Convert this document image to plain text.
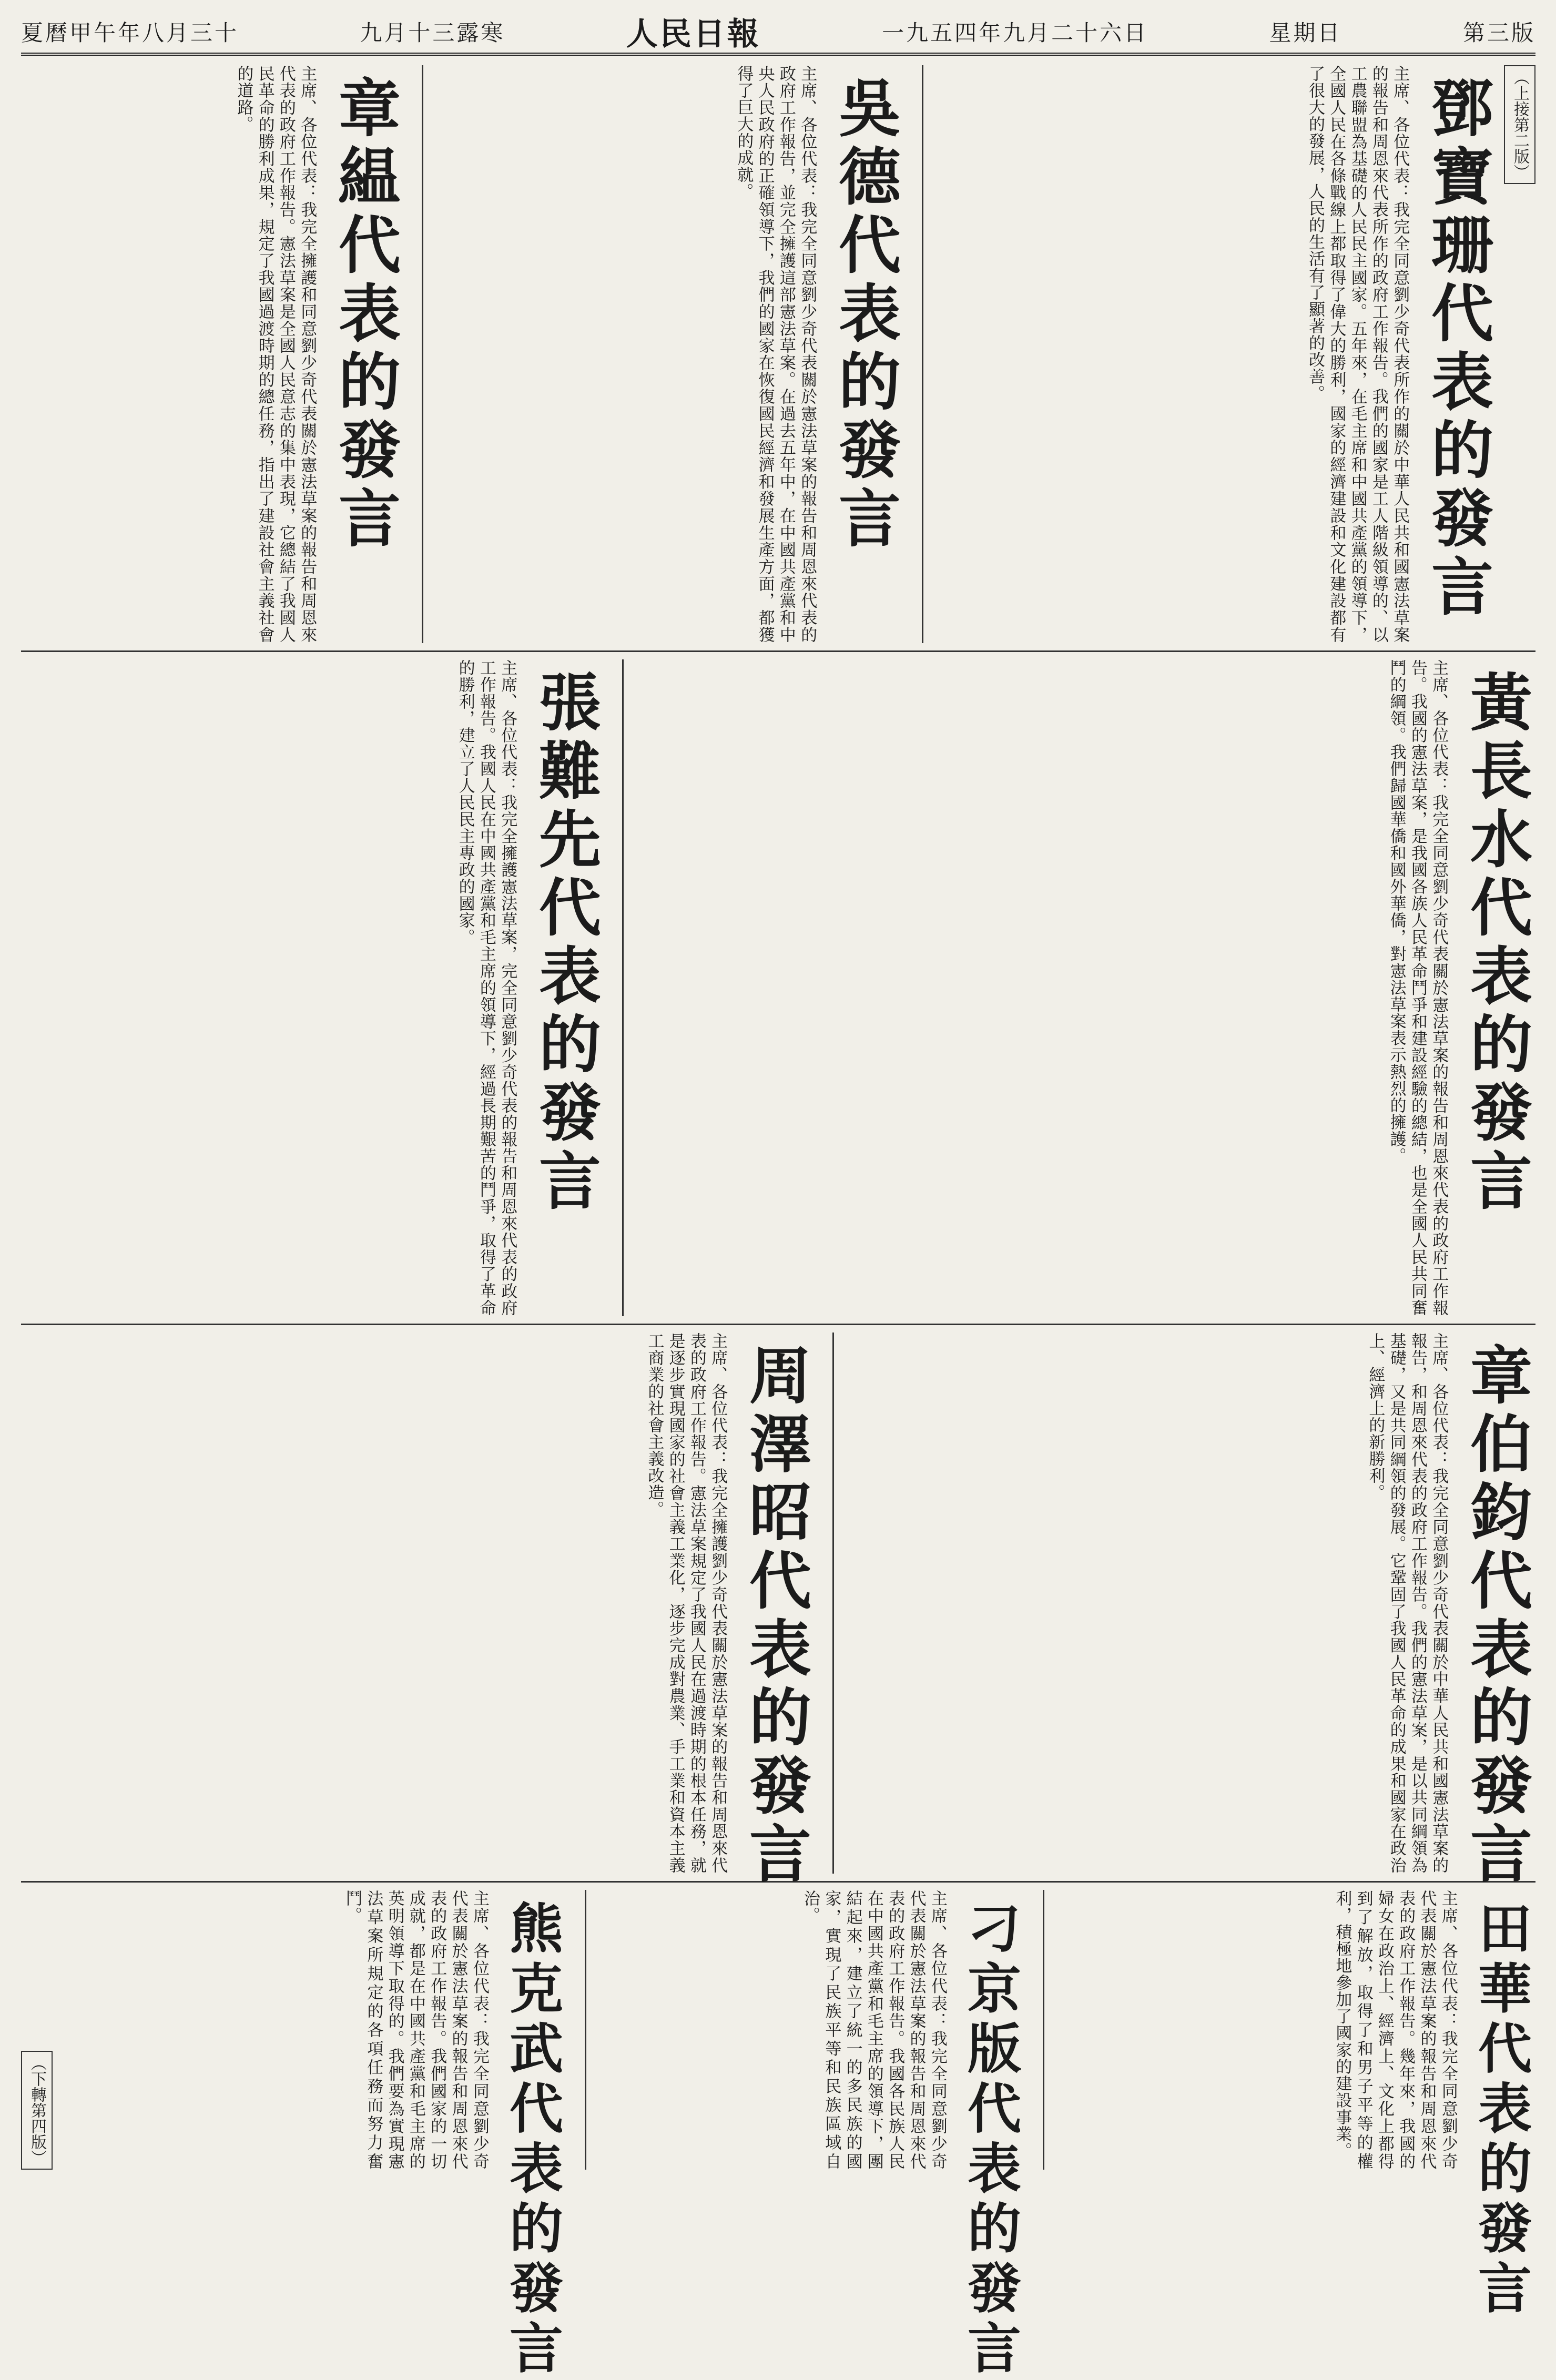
第三版
星期日
一九五四年九月二十六日
人民日報
九月十三露寒
夏曆甲午年八月三十
（上接第二版）
鄧寶珊代表的發言
主席、各位代表：我完全同意劉少奇代表所作的關於中華人民共和國憲法草案的報告和周恩來代表所作的政府工作報告。我們的國家是工人階級領導的、以工農聯盟為基礎的人民民主國家。五年來，在毛主席和中國共產黨的領導下，全國人民在各條戰線上都取得了偉大的勝利，國家的經濟建設和文化建設都有了很大的發展，人民的生活有了顯著的改善。
吳德代表的發言
主席、各位代表：我完全同意劉少奇代表關於憲法草案的報告和周恩來代表的政府工作報告，並完全擁護這部憲法草案。在過去五年中，在中國共產黨和中央人民政府的正確領導下，我們的國家在恢復國民經濟和發展生產方面，都獲得了巨大的成就。
章緼代表的發言
主席、各位代表：我完全擁護和同意劉少奇代表關於憲法草案的報告和周恩來代表的政府工作報告。憲法草案是全國人民意志的集中表現，它總結了我國人民革命的勝利成果，規定了我國過渡時期的總任務，指出了建設社會主義社會的道路。
黃長水代表的發言
主席、各位代表：我完全同意劉少奇代表關於憲法草案的報告和周恩來代表的政府工作報告。我國的憲法草案，是我國各族人民革命鬥爭和建設經驗的總結，也是全國人民共同奮鬥的綱領。我們歸國華僑和國外華僑，對憲法草案表示熱烈的擁護。
張難先代表的發言
主席、各位代表：我完全擁護憲法草案，完全同意劉少奇代表的報告和周恩來代表的政府工作報告。我國人民在中國共產黨和毛主席的領導下，經過長期艱苦的鬥爭，取得了革命的勝利，建立了人民民主專政的國家。
章伯鈞代表的發言
主席、各位代表：我完全同意劉少奇代表關於中華人民共和國憲法草案的報告，和周恩來代表的政府工作報告。我們的憲法草案，是以共同綱領為基礎，又是共同綱領的發展。它鞏固了我國人民革命的成果和國家在政治上、經濟上的新勝利。
周澤昭代表的發言
主席、各位代表：我完全擁護劉少奇代表關於憲法草案的報告和周恩來代表的政府工作報告。憲法草案規定了我國人民在過渡時期的根本任務，就是逐步實現國家的社會主義工業化，逐步完成對農業、手工業和資本主義工商業的社會主義改造。
田華代表的發言
主席、各位代表：我完全同意劉少奇代表關於憲法草案的報告和周恩來代表的政府工作報告。幾年來，我國的婦女在政治上、經濟上、文化上都得到了解放，取得了和男子平等的權利，積極地參加了國家的建設事業。
刁京版代表的發言
主席、各位代表：我完全同意劉少奇代表關於憲法草案的報告和周恩來代表的政府工作報告。我國各民族人民在中國共產黨和毛主席的領導下，團結起來，建立了統一的多民族的國家，實現了民族平等和民族區域自治。
熊克武代表的發言
主席、各位代表：我完全同意劉少奇代表關於憲法草案的報告和周恩來代表的政府工作報告。我們國家的一切成就，都是在中國共產黨和毛主席的英明領導下取得的。我們要為實現憲法草案所規定的各項任務而努力奮鬥。
（下轉第四版）
